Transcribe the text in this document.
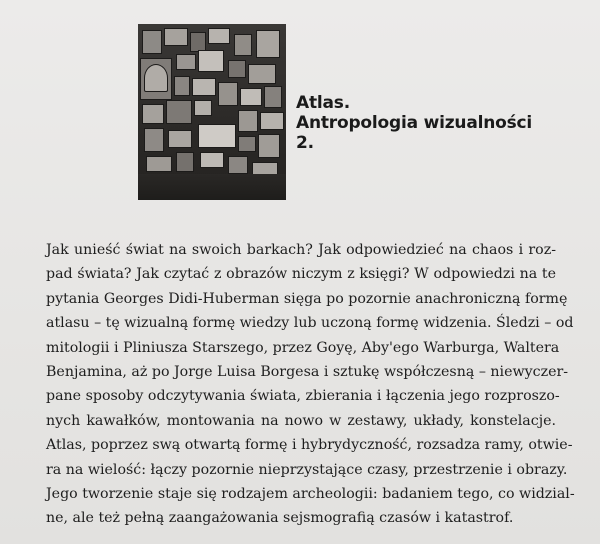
Atlas.
Antropologia wizualności
2.

Jak unieść świat na swoich barkach? Jak odpowiedzieć na chaos i roz-
pad świata? Jak czytać z obrazów niczym z księgi? W odpowiedzi na te
pytania Georges Didi-Huberman sięga po pozornie anachroniczną formę
atlasu – tę wizualną formę wiedzy lub uczoną formę widzenia. Śledzi – od
mitologii i Pliniusza Starszego, przez Goyę, Aby'ego Warburga, Waltera
Benjamina, aż po Jorge Luisa Borgesa i sztukę współczesną – niewyczer-
pane sposoby odczytywania świata, zbierania i łączenia jego rozproszo-
nych kawałków, montowania na nowo w zestawy, układy, konstelacje.
Atlas, poprzez swą otwartą formę i hybrydyczność, rozsadza ramy, otwie-
ra na wielość: łączy pozornie nieprzystające czasy, przestrzenie i obrazy.
Jego tworzenie staje się rodzajem archeologii: badaniem tego, co widzial-
ne, ale też pełną zaangażowania sejsmografią czasów i katastrof.
